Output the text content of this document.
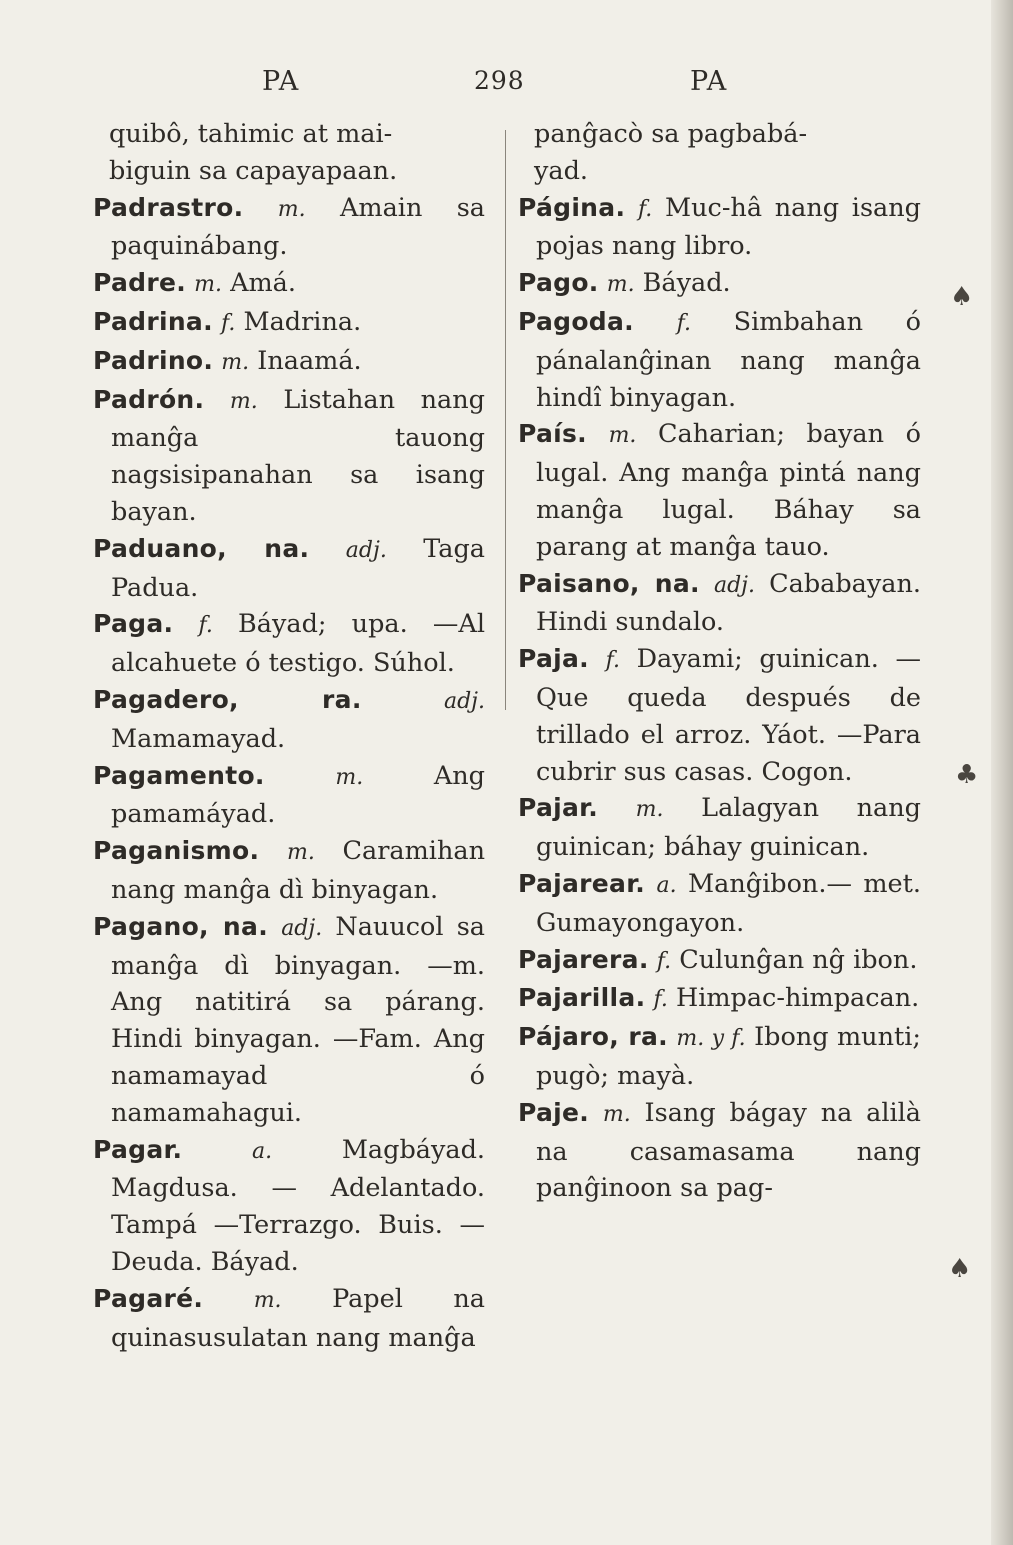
PA	298	PA

quibô, tahimic at mai-
biguin sa capayapaan.

Padrastro. m. Amain sa paquinábang.

Padre. m. Amá.

Padrina. f. Madrina.

Padrino. m. Inaamá.

Padrón. m. Listahan nang manĝa tauong nagsisipanahan sa isang bayan.

Paduano, na. adj. Taga Padua.

Paga. f. Báyad; upa. —Al alcahuete ó testigo. Súhol.

Pagadero, ra.	adj. Mamamayad.

Pagamento.	m.	Ang pamamáyad.

Paganismo. m. Caramihan nang manĝa dì binyagan.

Pagano, na. adj. Nauucol sa manĝa dì binyagan. —m. Ang natitirá sa párang. Hindi binyagan. —Fam. Ang namamayad ó namamahagui.

Pagar.	a.	Magbáyad. Magdusa. — Adelantado. Tampá —Terrazgo. Buis. —Deuda. Báyad.

Pagaré. m. Papel na quinasusulatan nang manĝa

panĝacò sa pagbabá-
yad.

Página. f. Muc-hâ nang isang pojas nang libro.

Pago. m. Báyad.

Pagoda. f. Simbahan ó pánalanĝinan nang manĝa hindî binyagan.

País. m. Caharian; bayan ó lugal. Ang manĝa pintá nang manĝa lugal. Báhay sa parang at manĝa tauo.

Paisano, na. adj. Cababayan. Hindi sundalo.

Paja. f. Dayami; guinican. —Que queda después de trillado el arroz. Yáot. —Para cubrir sus casas. Cogon.

Pajar. m. Lalagyan nang guinican; báhay guinican.

Pajarear. a. Manĝibon.— met. Gumayongayon.

Pajarera. f. Culunĝan nĝ ibon.

Pajarilla. f. Himpac-himpacan.

Pájaro, ra. m. y f. Ibong munti; pugò; mayà.

Paje. m. Isang bágay na alilà na casamasama nang panĝinoon sa pag-

♠
♣
♠
